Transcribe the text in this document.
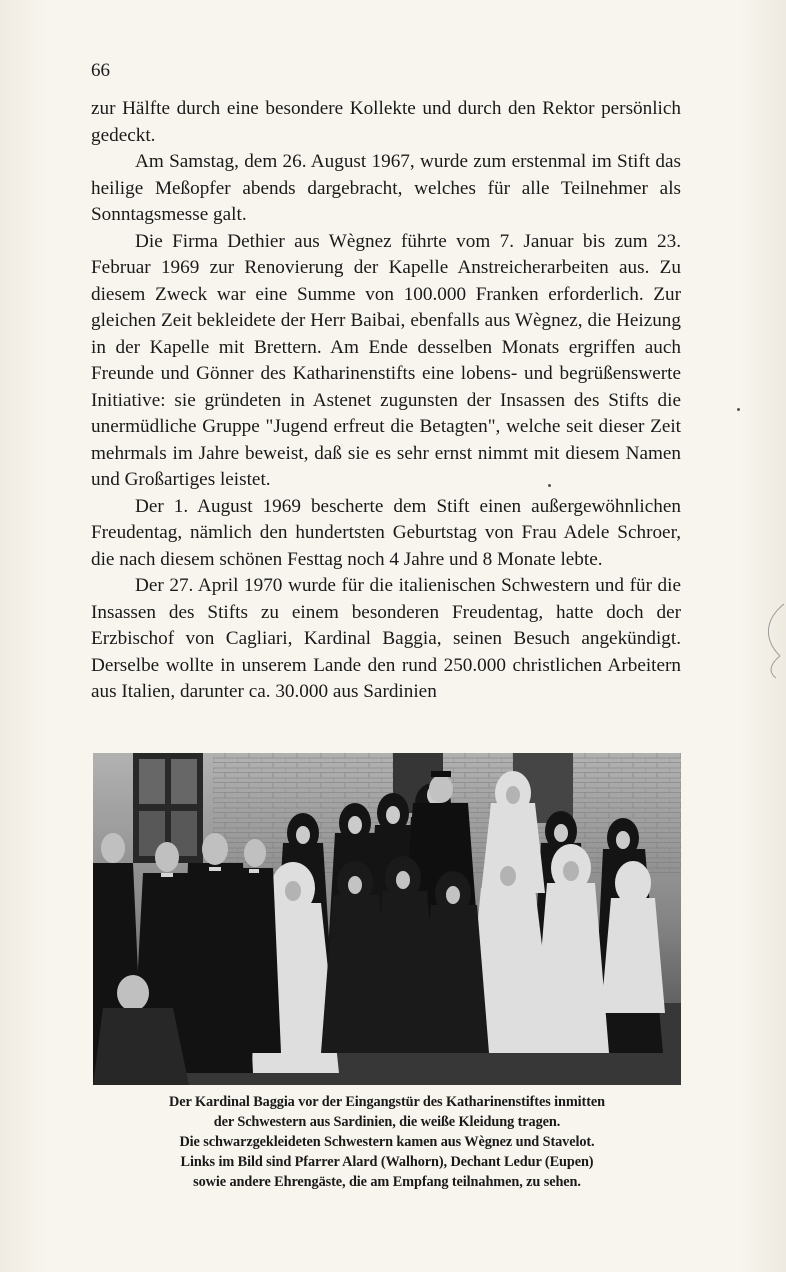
66

zur Hälfte durch eine besondere Kollekte und durch den Rektor persönlich gedeckt.

Am Samstag, dem 26. August 1967, wurde zum erstenmal im Stift das heilige Meßopfer abends dargebracht, welches für alle Teilnehmer als Sonntagsmesse galt.

Die Firma Dethier aus Wègnez führte vom 7. Januar bis zum 23. Februar 1969 zur Renovierung der Kapelle Anstreicherarbeiten aus. Zu diesem Zweck war eine Summe von 100.000 Franken erforderlich. Zur gleichen Zeit bekleidete der Herr Baibai, ebenfalls aus Wègnez, die Heizung in der Kapelle mit Brettern. Am Ende desselben Monats ergriffen auch Freunde und Gönner des Katharinenstifts eine lobens- und begrüßenswerte Initiative: sie gründeten in Astenet zugunsten der Insassen des Stifts die unermüdliche Gruppe "Jugend erfreut die Betagten", welche seit dieser Zeit mehrmals im Jahre beweist, daß sie es sehr ernst nimmt mit diesem Namen und Großartiges leistet.

Der 1. August 1969 bescherte dem Stift einen außergewöhnlichen Freudentag, nämlich den hundertsten Geburtstag von Frau Adele Schroer, die nach diesem schönen Festtag noch 4 Jahre und 8 Monate lebte.

Der 27. April 1970 wurde für die italienischen Schwestern und für die Insassen des Stifts zu einem besonderen Freudentag, hatte doch der Erzbischof von Cagliari, Kardinal Baggia, seinen Besuch angekündigt. Derselbe wollte in unserem Lande den rund 250.000 christlichen Arbeitern aus Italien, darunter ca. 30.000 aus Sardinien

Der Kardinal Baggia vor der Eingangstür des Katharinenstiftes inmitten
der Schwestern aus Sardinien, die weiße Kleidung tragen.
Die schwarzgekleideten Schwestern kamen aus Wègnez und Stavelot.
Links im Bild sind Pfarrer Alard (Walhorn), Dechant Ledur (Eupen)
sowie andere Ehrengäste, die am Empfang teilnahmen, zu sehen.
